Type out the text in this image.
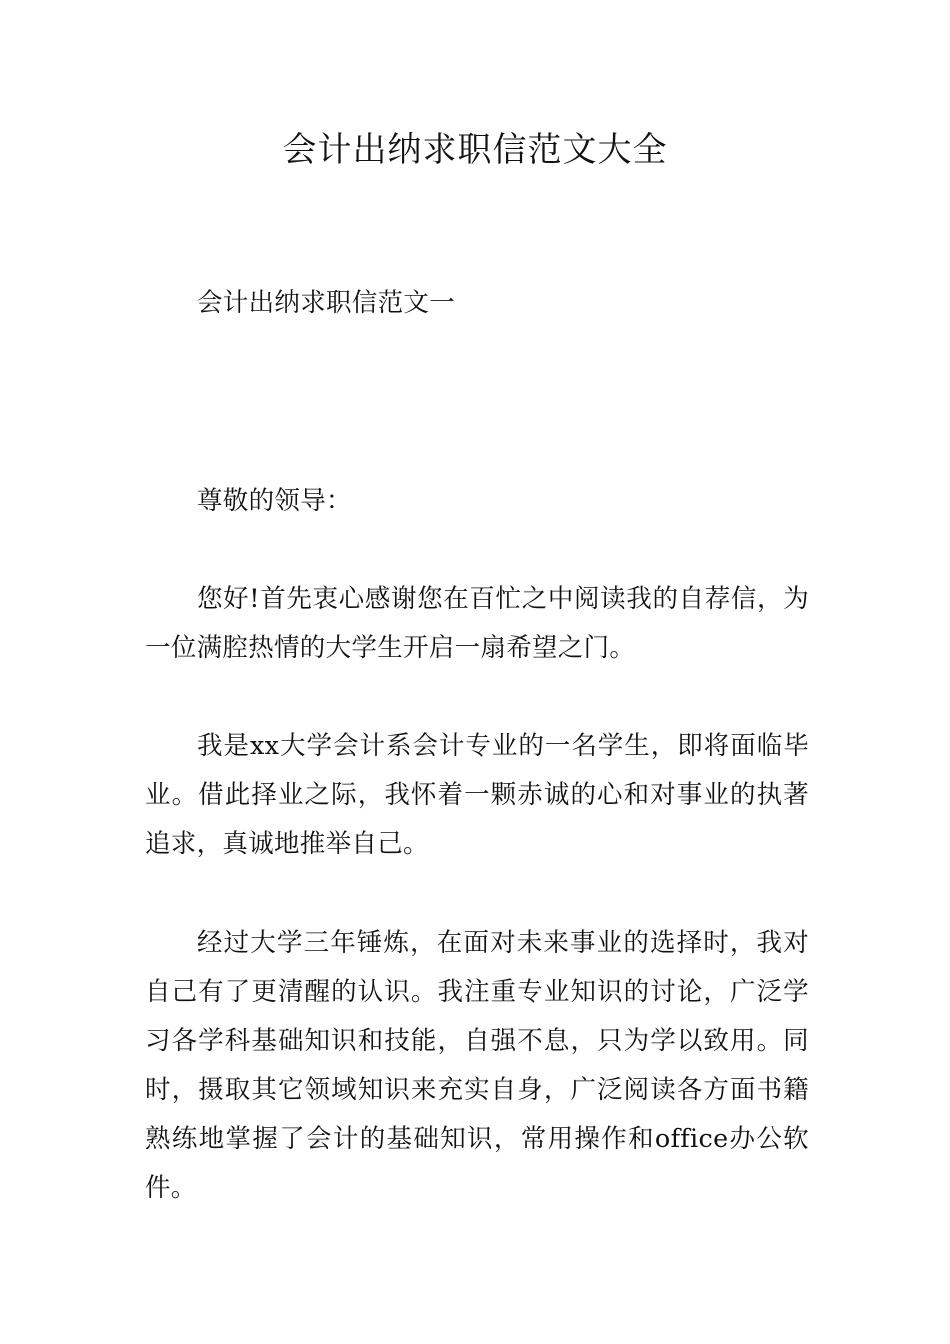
会计出纳求职信范文大全

会计出纳求职信范文一

尊敬的领导：

您好!首先衷心感谢您在百忙之中阅读我的自荐信，为一位满腔热情的大学生开启一扇希望之门。

我是xx大学会计系会计专业的一名学生，即将面临毕业。借此择业之际，我怀着一颗赤诚的心和对事业的执著追求，真诚地推举自己。

经过大学三年锤炼，在面对未来事业的选择时，我对自己有了更清醒的认识。我注重专业知识的讨论，广泛学习各学科基础知识和技能，自强不息，只为学以致用。同时，摄取其它领域知识来充实自身，广泛阅读各方面书籍熟练地掌握了会计的基础知识，常用操作和office办公软件。
